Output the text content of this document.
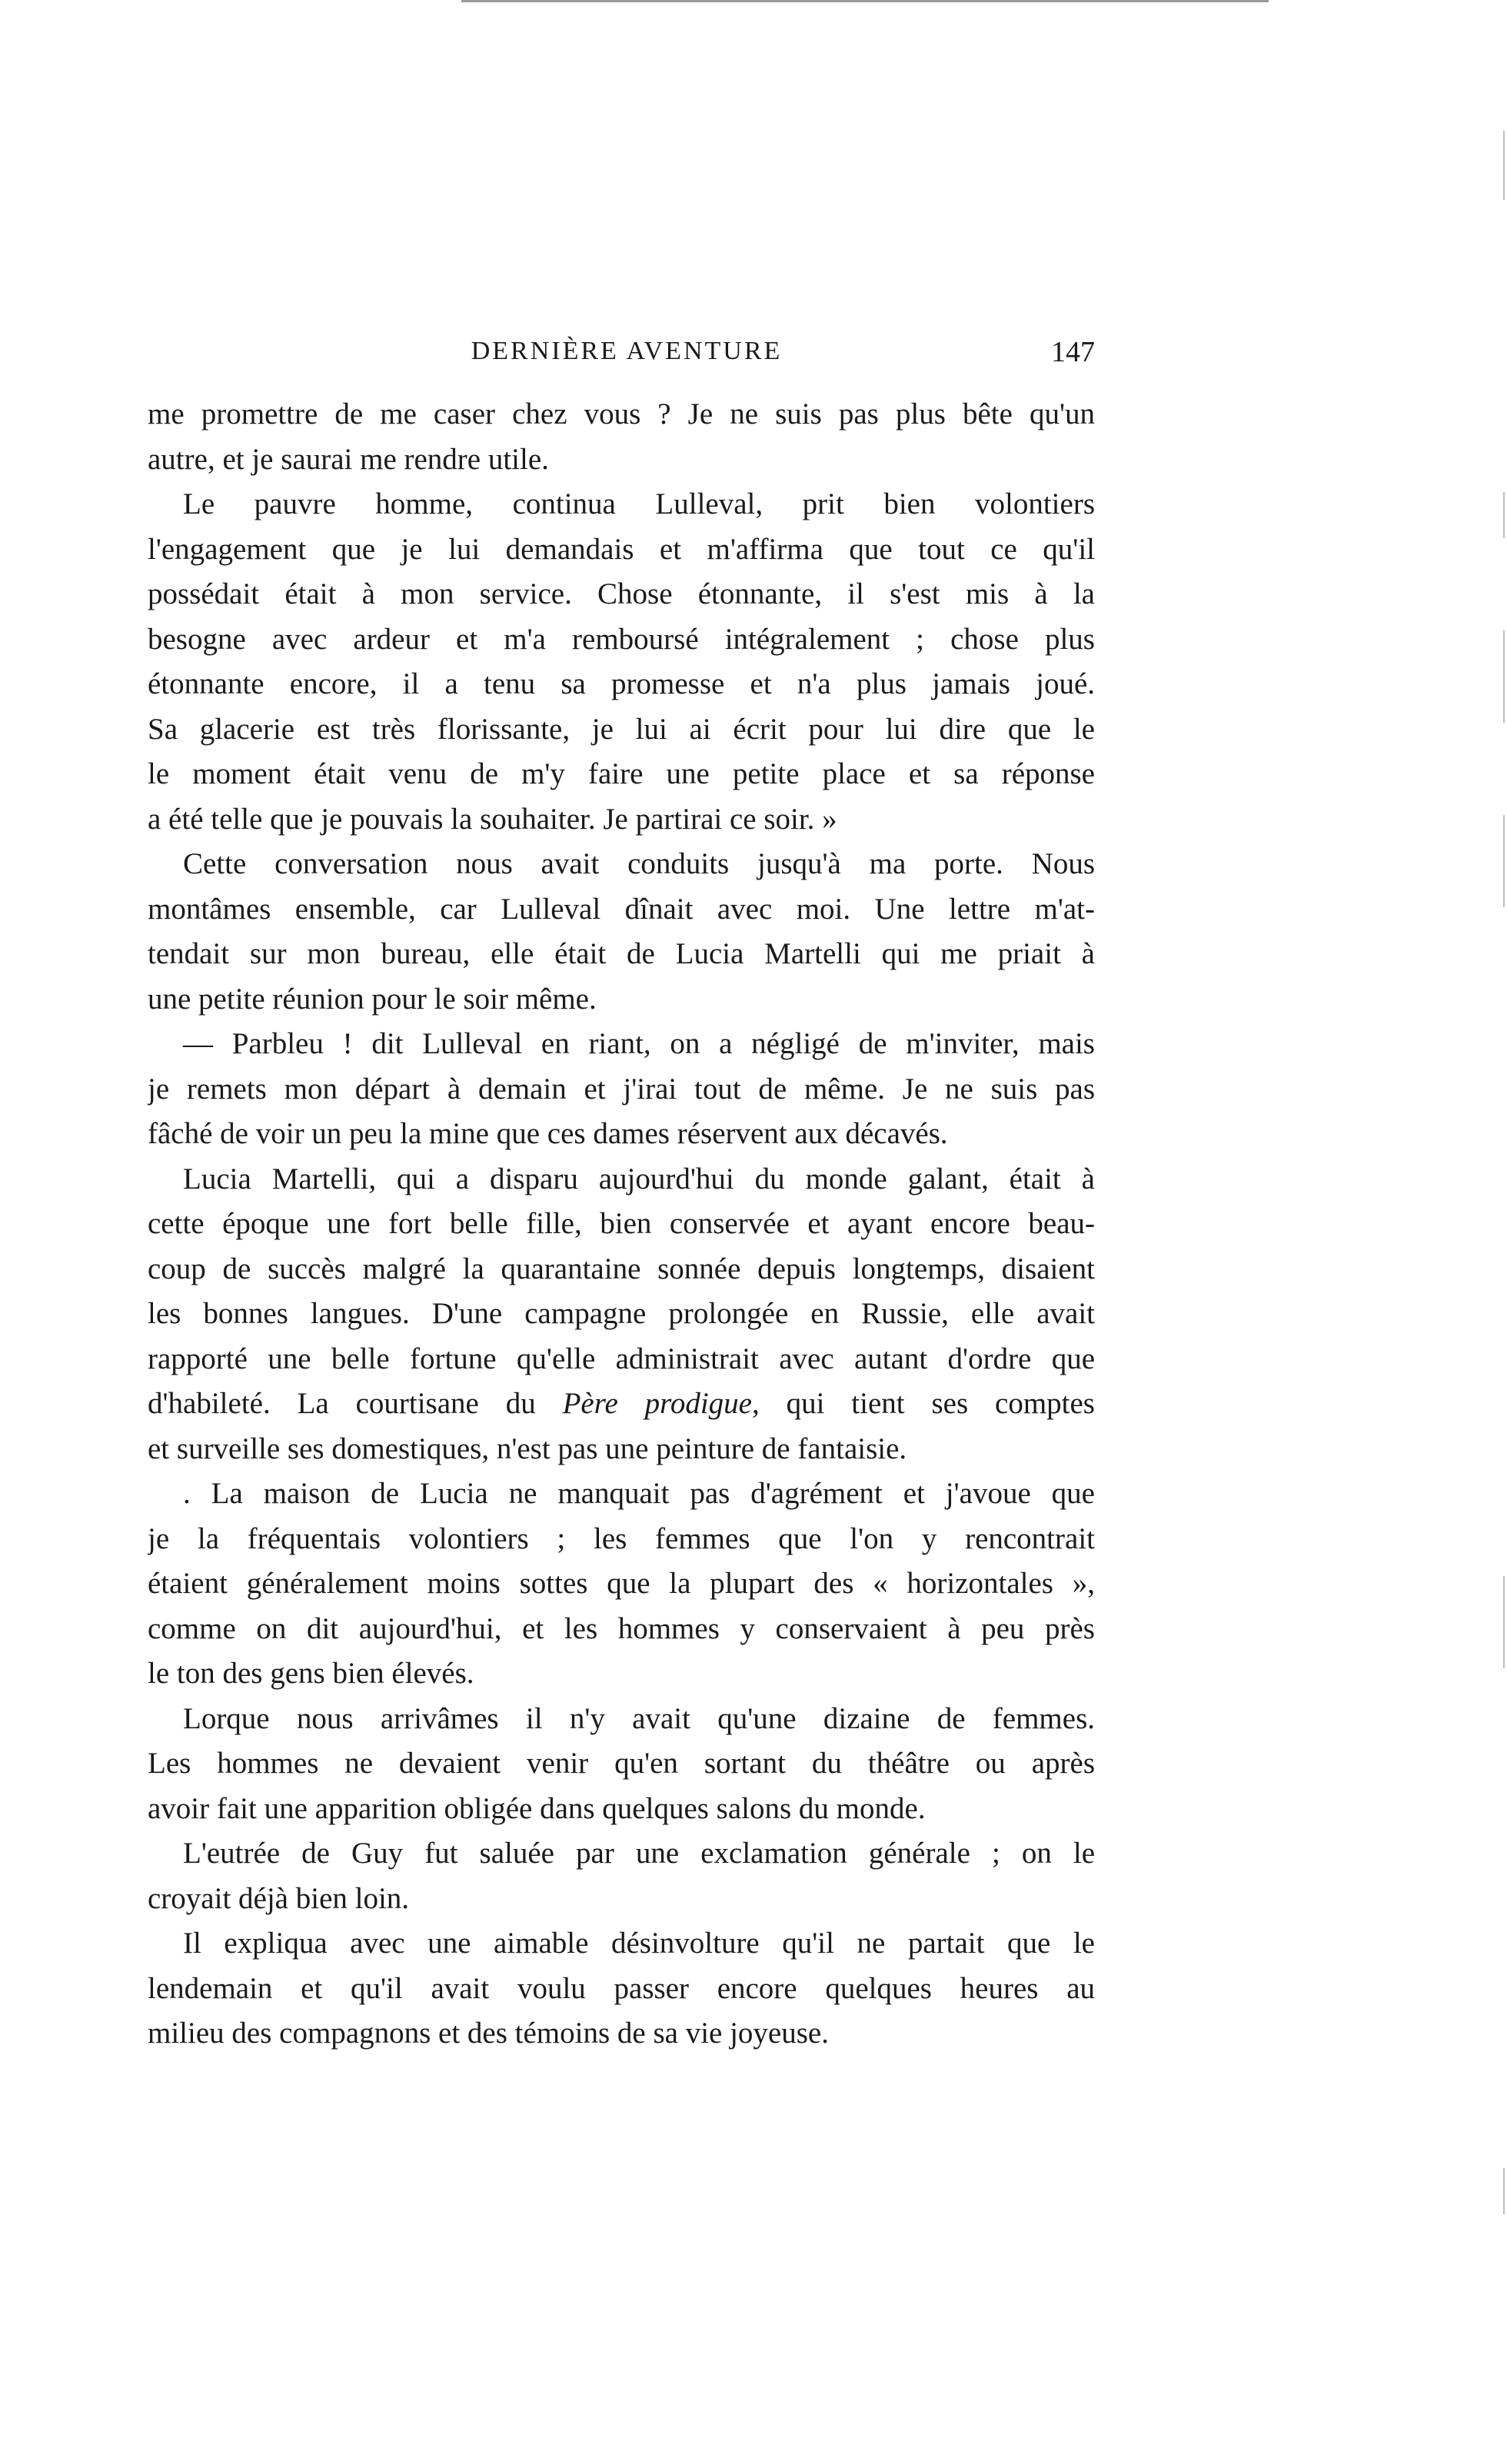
DERNIÈRE AVENTURE	147
me promettre de me caser chez vous ? Je ne suis pas plus bête qu'un
autre, et je saurai me rendre utile.
Le pauvre homme, continua Lulleval, prit bien volontiers
l'engagement que je lui demandais et m'affirma que tout ce qu'il
possédait était à mon service. Chose étonnante, il s'est mis à la
besogne avec ardeur et m'a remboursé intégralement ; chose plus
étonnante encore, il a tenu sa promesse et n'a plus jamais joué.
Sa glacerie est très florissante, je lui ai écrit pour lui dire que le
le moment était venu de m'y faire une petite place et sa réponse
a été telle que je pouvais la souhaiter. Je partirai ce soir. »
Cette conversation nous avait conduits jusqu'à ma porte. Nous
montâmes ensemble, car Lulleval dînait avec moi. Une lettre m'at-
tendait sur mon bureau, elle était de Lucia Martelli qui me priait à
une petite réunion pour le soir même.
— Parbleu ! dit Lulleval en riant, on a négligé de m'inviter, mais
je remets mon départ à demain et j'irai tout de même. Je ne suis pas
fâché de voir un peu la mine que ces dames réservent aux décavés.
Lucia Martelli, qui a disparu aujourd'hui du monde galant, était à
cette époque une fort belle fille, bien conservée et ayant encore beau-
coup de succès malgré la quarantaine sonnée depuis longtemps, disaient
les bonnes langues. D'une campagne prolongée en Russie, elle avait
rapporté une belle fortune qu'elle administrait avec autant d'ordre que
d'habileté. La courtisane du Père prodigue, qui tient ses comptes
et surveille ses domestiques, n'est pas une peinture de fantaisie.
. La maison de Lucia ne manquait pas d'agrément et j'avoue que
je la fréquentais volontiers ; les femmes que l'on y rencontrait
étaient généralement moins sottes que la plupart des « horizontales »,
comme on dit aujourd'hui, et les hommes y conservaient à peu près
le ton des gens bien élevés.
Lorque nous arrivâmes il n'y avait qu'une dizaine de femmes.
Les hommes ne devaient venir qu'en sortant du théâtre ou après
avoir fait une apparition obligée dans quelques salons du monde.
L'eutrée de Guy fut saluée par une exclamation générale ; on le
croyait déjà bien loin.
Il expliqua avec une aimable désinvolture qu'il ne partait que le
lendemain et qu'il avait voulu passer encore quelques heures au
milieu des compagnons et des témoins de sa vie joyeuse.
